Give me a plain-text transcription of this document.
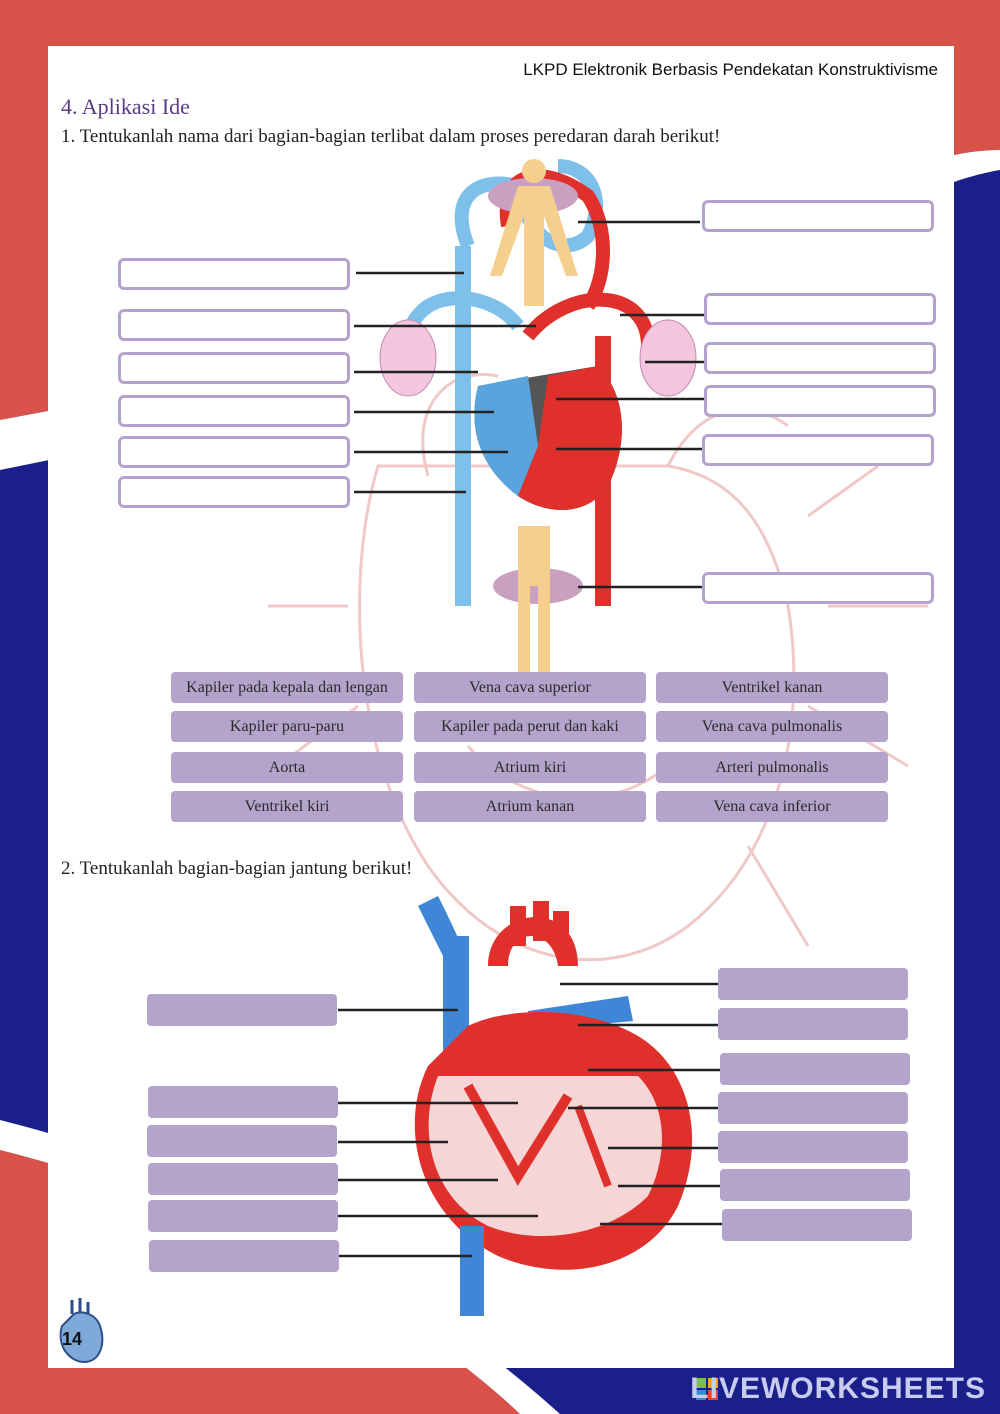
LKPD Elektronik Berbasis Pendekatan Konstruktivisme
4. Aplikasi Ide
1. Tentukanlah nama dari bagian-bagian terlibat dalam proses peredaran darah berikut!
Kapiler pada kepala dan lengan	Vena cava superior	Ventrikel kanan
Kapiler paru-paru	Kapiler pada perut dan kaki	Vena cava pulmonalis
Aorta	Atrium kiri	Arteri pulmonalis
Ventrikel kiri	Atrium kanan	Vena cava inferior
2. Tentukanlah bagian-bagian jantung berikut!
14
LIVEWORKSHEETS
